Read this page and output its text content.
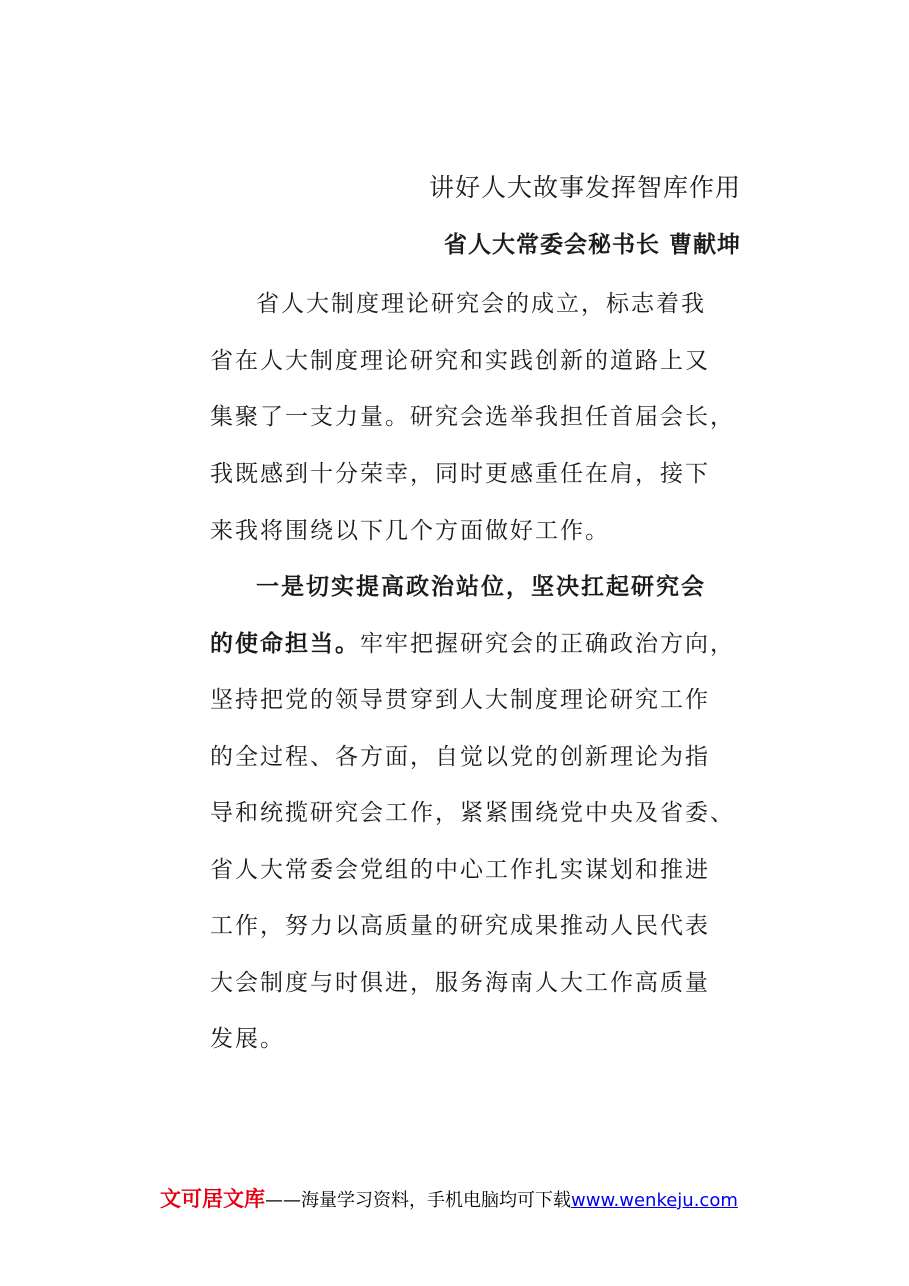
讲好人大故事发挥智库作用
省人大常委会秘书长 曹献坤
省人大制度理论研究会的成立，标志着我
省在人大制度理论研究和实践创新的道路上又
集聚了一支力量。研究会选举我担任首届会长，
我既感到十分荣幸，同时更感重任在肩，接下
来我将围绕以下几个方面做好工作。
一是切实提高政治站位，坚决扛起研究会
的使命担当。牢牢把握研究会的正确政治方向，
坚持把党的领导贯穿到人大制度理论研究工作
的全过程、各方面，自觉以党的创新理论为指
导和统揽研究会工作，紧紧围绕党中央及省委、
省人大常委会党组的中心工作扎实谋划和推进
工作，努力以高质量的研究成果推动人民代表
大会制度与时俱进，服务海南人大工作高质量
发展。
文可居文库——海量学习资料，手机电脑均可下载www.wenkeju.com
